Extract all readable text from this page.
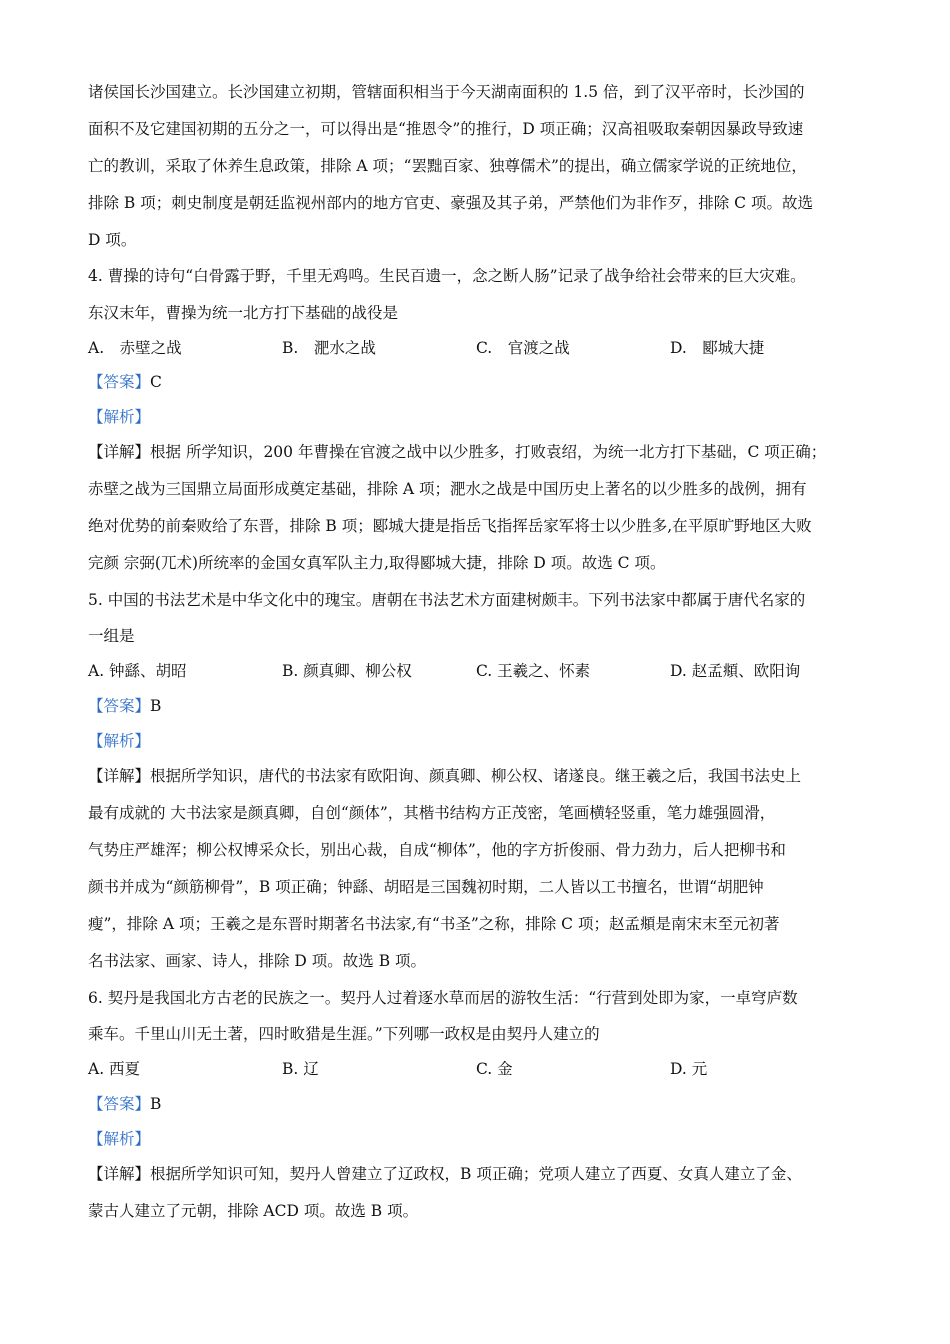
诸侯国长沙国建立。长沙国建立初期，管辖面积相当于今天湖南面积的 1.5 倍，到了汉平帝时，长沙国的
面积不及它建国初期的五分之一，可以得出是“推恩令”的推行，D 项正确；汉高祖吸取秦朝因暴政导致速
亡的教训，采取了休养生息政策，排除 A 项；“罢黜百家、独尊儒术”的提出，确立儒家学说的正统地位，
排除 B 项；刺史制度是朝廷监视州部内的地方官吏、豪强及其子弟，严禁他们为非作歹，排除 C 项。故选
D 项。
4. 曹操的诗句“白骨露于野，千里无鸡鸣。生民百遗一，念之断人肠”记录了战争给社会带来的巨大灾难。
东汉末年，曹操为统一北方打下基础的战役是
A.　赤壁之战	B.　淝水之战	C.　官渡之战	D.　郾城大捷
【答案】C
【解析】
【详解】根据 所学知识，200 年曹操在官渡之战中以少胜多，打败袁绍，为统一北方打下基础，C 项正确；
赤壁之战为三国鼎立局面形成奠定基础，排除 A 项；淝水之战是中国历史上著名的以少胜多的战例，拥有
绝对优势的前秦败给了东晋，排除 B 项；郾城大捷是指岳飞指挥岳家军将士以少胜多,在平原旷野地区大败
完颜 宗弼(兀术)所统率的金国女真军队主力,取得郾城大捷，排除 D 项。故选 C 项。
5. 中国的书法艺术是中华文化中的瑰宝。唐朝在书法艺术方面建树颇丰。下列书法家中都属于唐代名家的
一组是
A. 钟繇、胡昭	B. 颜真卿、柳公权	C. 王羲之、怀素	D. 赵孟頫、欧阳询
【答案】B
【解析】
【详解】根据所学知识，唐代的书法家有欧阳询、颜真卿、柳公权、诸遂良。继王羲之后，我国书法史上
最有成就的 大书法家是颜真卿，自创“颜体”，其楷书结构方正茂密，笔画横轻竖重，笔力雄强圆滑，
气势庄严雄浑；柳公权博采众长，别出心裁，自成“柳体”，他的字方折俊丽、骨力劲力，后人把柳书和
颜书并成为“颜筋柳骨”，B 项正确；钟繇、胡昭是三国魏初时期，二人皆以工书擅名，世谓“胡肥钟
瘦”，排除 A 项；王羲之是东晋时期著名书法家,有“书圣”之称，排除 C 项；赵孟頫是南宋末至元初著
名书法家、画家、诗人，排除 D 项。故选 B 项。
6. 契丹是我国北方古老的民族之一。契丹人过着逐水草而居的游牧生活：“行营到处即为家，一卓穹庐数
乘车。千里山川无土著，四时畋猎是生涯。”下列哪一政权是由契丹人建立的
A. 西夏	B. 辽	C. 金	D. 元
【答案】B
【解析】
【详解】根据所学知识可知，契丹人曾建立了辽政权，B 项正确；党项人建立了西夏、女真人建立了金、
蒙古人建立了元朝，排除 ACD 项。故选 B 项。
